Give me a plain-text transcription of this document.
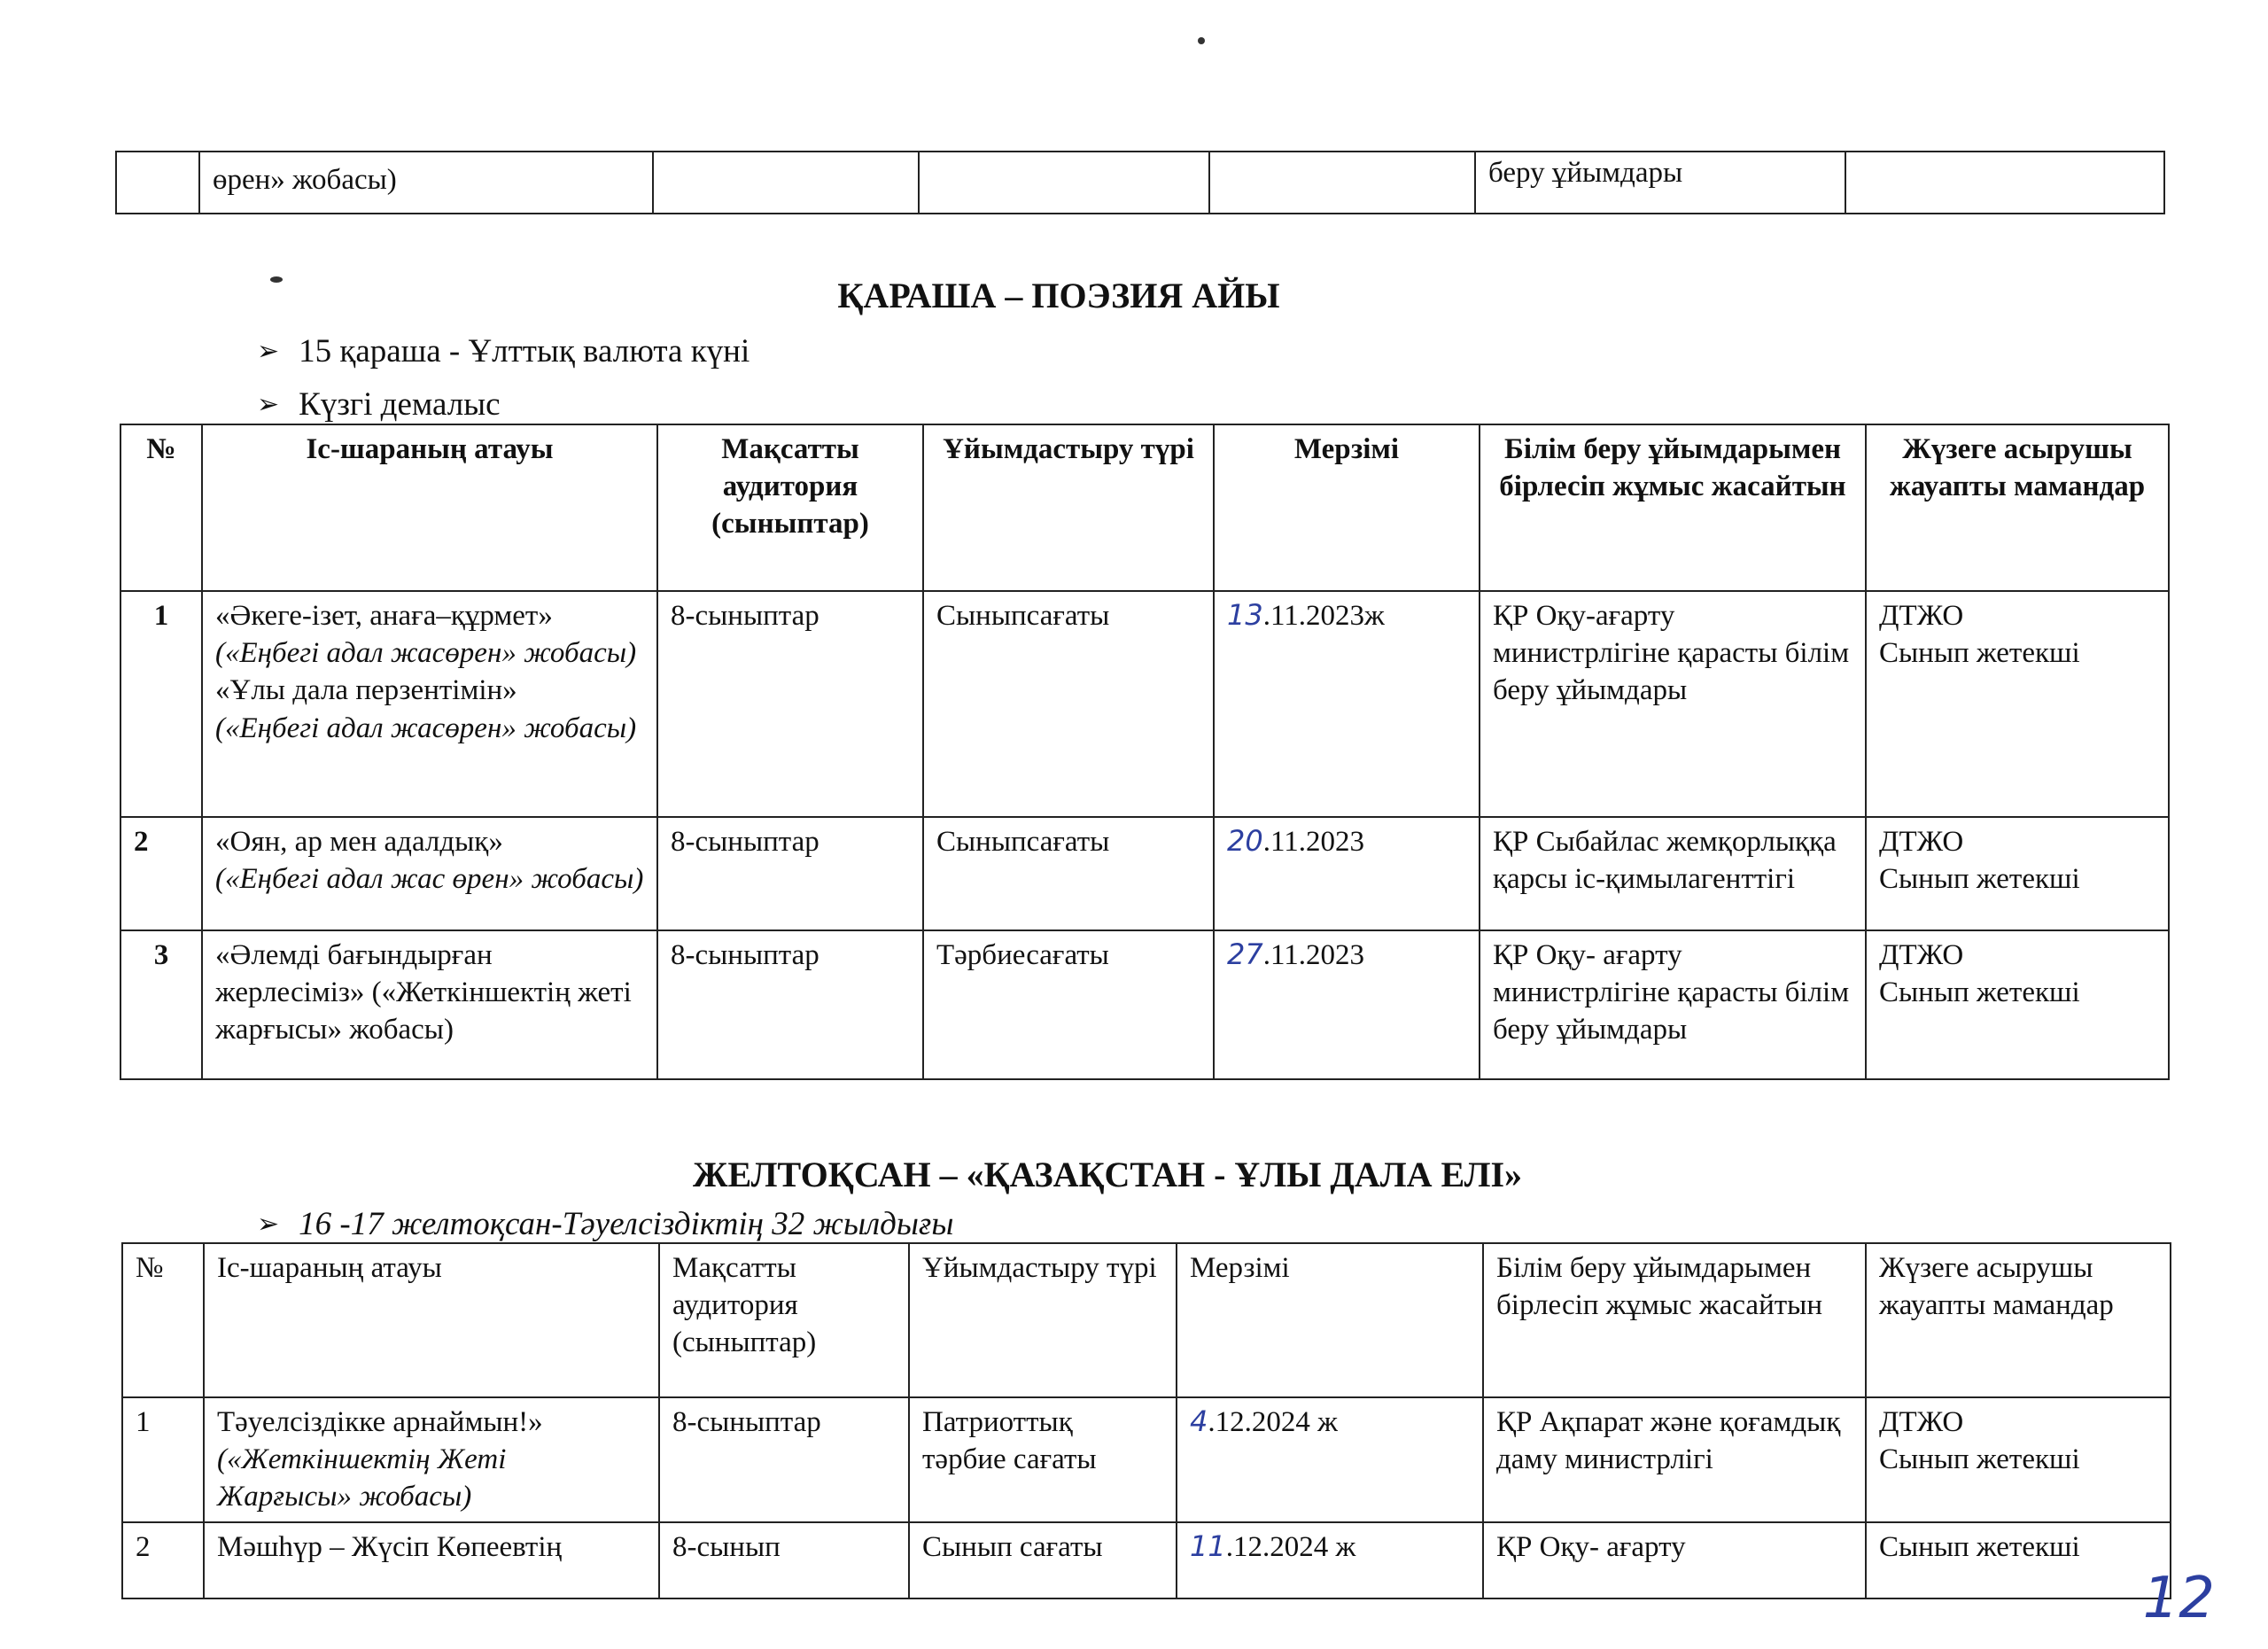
	өрен» жобасы)				беру ұйымдары	
ҚАРАША – ПОЭЗИЯ АЙЫ
➢ 15 қараша - Ұлттық валюта күні
➢ Күзгі демалыс
№	Іс-шараның атауы	Мақсатты аудитория (сыныптар)	Ұйымдастыру түрі	Мерзімі	Білім беру ұйымдарымен бірлесіп жұмыс жасайтын	Жүзеге асырушы жауапты мамандар
1	«Әкеге-ізет, анаға–құрмет»
(«Еңбегі адал жасөрен» жобасы)
«Ұлы дала перзентімін»
(«Еңбегі адал жасөрен» жобасы)	8-сыныптар	Сыныпсағаты	13.11.2023ж	ҚР Оқу-ағарту министрлігіне қарасты білім беру ұйымдары	ДТЖО
Сынып жетекші

2	«Оян, ар мен адалдық»
(«Еңбегі адал жас өрен» жобасы)	8-сыныптар	Сыныпсағаты	20.11.2023	ҚР Сыбайлас жемқорлыққа қарсы іс-қимылагенттігі	ДТЖО
Сынып жетекші

3	«Әлемді бағындырған жерлесіміз» («Жеткіншектің жеті жарғысы» жобасы)	8-сыныптар	Тәрбиесағаты	27.11.2023	ҚР Оқу- ағарту министрлігіне қарасты білім беру ұйымдары	ДТЖО
Сынып жетекші
ЖЕЛТОҚСАН – «ҚАЗАҚСТАН - ҰЛЫ ДАЛА ЕЛІ»
➢ 16 -17 желтоқсан-Тәуелсіздіктің 32 жылдығы
№	Іс-шараның атауы	Мақсатты аудитория (сыныптар)	Ұйымдастыру түрі	Мерзімі	Білім беру ұйымдарымен бірлесіп жұмыс жасайтын	Жүзеге асырушы жауапты мамандар
1	Тәуелсіздікке арнаймын!»
(«Жеткіншектің Жеті Жарғысы» жобасы)	8-сыныптар	Патриоттық тәрбие сағаты	4.12.2024 ж	ҚР Ақпарат және қоғамдық даму министрлігі	ДТЖО
Сынып жетекші

2	Мәшһүр – Жүсіп Көпеевтің	8-сынып	Сынып сағаты	11.12.2024 ж	ҚР Оқу- ағарту	Сынып жетекші
12
